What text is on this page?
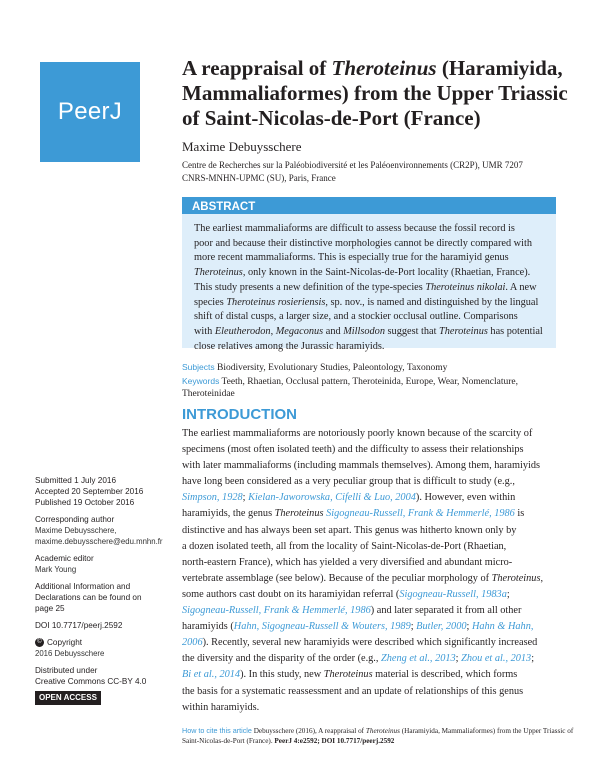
PeerJ
A reappraisal of Theroteinus (Haramiyida,
Mammaliaformes) from the Upper Triassic
of Saint-Nicolas-de-Port (France)
Maxime Debuysschere
Centre de Recherches sur la Paléobiodiversité et les Paléoenvironnements (CR2P), UMR 7207
CNRS-MNHN-UPMC (SU), Paris, France
ABSTRACT
The earliest mammaliaforms are difficult to assess because the fossil record is
poor and because their distinctive morphologies cannot be directly compared with
more recent mammaliaforms. This is especially true for the haramiyid genus
Theroteinus, only known in the Saint-Nicolas-de-Port locality (Rhaetian, France).
This study presents a new definition of the type-species Theroteinus nikolai. A new
species Theroteinus rosieriensis, sp. nov., is named and distinguished by the lingual
shift of distal cusps, a larger size, and a stockier occlusal outline. Comparisons
with Eleutherodon, Megaconus and Millsodon suggest that Theroteinus has potential
close relatives among the Jurassic haramiyids.
Subjects Biodiversity, Evolutionary Studies, Paleontology, Taxonomy
Keywords Teeth, Rhaetian, Occlusal pattern, Theroteinida, Europe, Wear, Nomenclature,
Theroteinidae
INTRODUCTION
The earliest mammaliaforms are notoriously poorly known because of the scarcity of
specimens (most often isolated teeth) and the difficulty to assess their relationships
with later mammaliaforms (including mammals themselves). Among them, haramiyids
have long been considered as a very peculiar group that is difficult to study (e.g.,
Simpson, 1928; Kielan-Jaworowska, Cifelli & Luo, 2004). However, even within
haramiyids, the genus Theroteinus Sigogneau-Russell, Frank & Hemmerlé, 1986 is
distinctive and has always been set apart. This genus was hitherto known only by
a dozen isolated teeth, all from the locality of Saint-Nicolas-de-Port (Rhaetian,
north-eastern France), which has yielded a very diversified and abundant micro-
vertebrate assemblage (see below). Because of the peculiar morphology of Theroteinus,
some authors cast doubt on its haramiyidan referral (Sigogneau-Russell, 1983a;
Sigogneau-Russell, Frank & Hemmerlé, 1986) and later separated it from all other
haramiyids (Hahn, Sigogneau-Russell & Wouters, 1989; Butler, 2000; Hahn & Hahn,
2006). Recently, several new haramiyids were described which significantly increased
the diversity and the disparity of the order (e.g., Zheng et al., 2013; Zhou et al., 2013;
Bi et al., 2014). In this study, new Theroteinus material is described, which forms
the basis for a systematic reassessment and an update of relationships of this genus
within haramiyids.
Submitted 1 July 2016
Accepted 20 September 2016
Published 19 October 2016
Corresponding author
Maxime Debuysschere,
maxime.debuysschere@edu.mnhn.fr
Academic editor
Mark Young
Additional Information and
Declarations can be found on
page 25
DOI 10.7717/peerj.2592
© Copyright
2016 Debuysschere
Distributed under
Creative Commons CC-BY 4.0
OPEN ACCESS
How to cite this article Debuysschere (2016), A reappraisal of Theroteinus (Haramiyida, Mammaliaformes) from the Upper Triassic of
Saint-Nicolas-de-Port (France). PeerJ 4:e2592; DOI 10.7717/peerj.2592
